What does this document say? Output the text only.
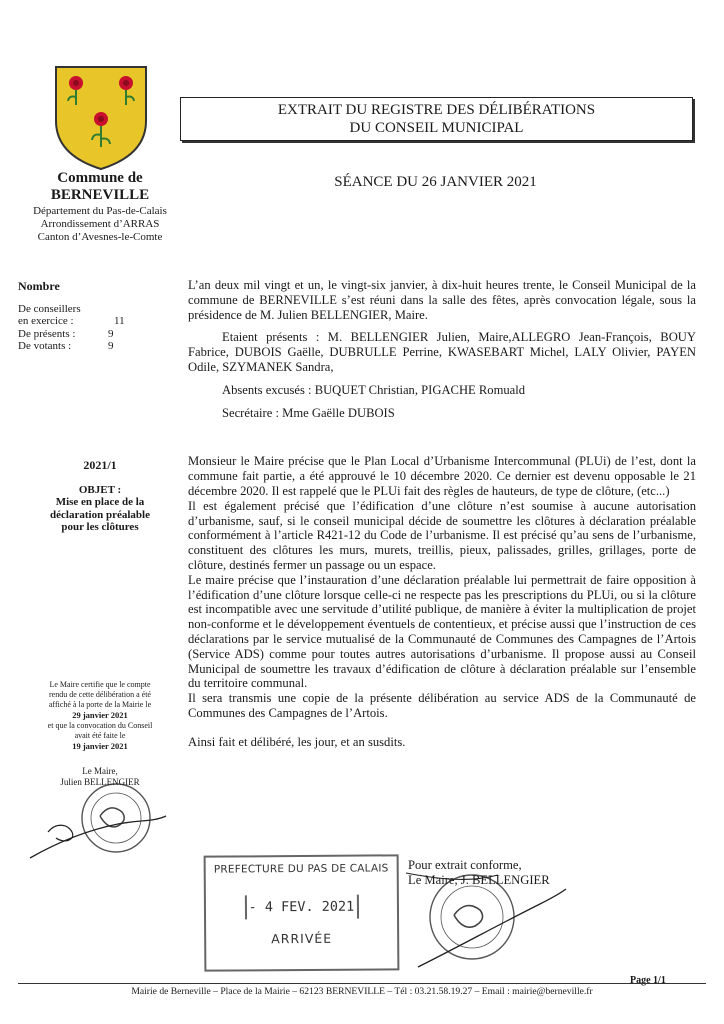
Commune de
BERNEVILLE
Département du Pas-de-Calais
Arrondissement d’ARRAS
Canton d’Avesnes-le-Comte
Nombre
De conseillers
en exercice :	11
De présents :	9
De votants :	9
2021/1
OBJET :
Mise en place de la
déclaration préalable
pour les clôtures
Le Maire certifie que le compte
rendu de cette délibération a été
affiché à la porte de la Mairie le
29 janvier 2021
et que la convocation du Conseil
avait été faite le
19 janvier 2021
Le Maire,
Julien BELLENGIER
EXTRAIT DU REGISTRE DES DÉLIBÉRATIONS
DU CONSEIL MUNICIPAL
SÉANCE DU 26 JANVIER 2021

L’an deux mil vingt et un, le vingt-six janvier, à dix-huit heures trente, le Conseil Municipal de la commune de BERNEVILLE s’est réuni dans la salle des fêtes, après convocation légale, sous la présidence de M. Julien BELLENGIER, Maire.

Etaient présents : M. BELLENGIER Julien, Maire,ALLEGRO Jean-François, BOUY Fabrice, DUBOIS Gaëlle, DUBRULLE Perrine, KWASEBART Michel, LALY Olivier, PAYEN Odile, SZYMANEK Sandra,

Absents excusés : BUQUET Christian, PIGACHE Romuald

Secrétaire : Mme Gaëlle DUBOIS

Monsieur le Maire précise que le Plan Local d’Urbanisme Intercommunal (PLUi) de l’est, dont la commune fait partie, a été approuvé le 10 décembre 2020. Ce dernier est devenu opposable le 21 décembre 2020. Il est rappelé que le PLUi fait des règles de hauteurs, de type de clôture, (etc...)

Il est également précisé que l’édification d’une clôture n’est soumise à aucune autorisation d’urbanisme, sauf, si le conseil municipal décide de soumettre les clôtures à déclaration préalable conformément à l’article R421-12 du Code de l’urbanisme. Il est précisé qu’au sens de l’urbanisme, constituent des clôtures les murs, murets, treillis, pieux, palissades, grilles, grillages, porte de clôture, destinés fermer un passage ou un espace.

Le maire précise que l’instauration d’une déclaration préalable lui permettrait de faire opposition à l’édification d’une clôture lorsque celle-ci ne respecte pas les prescriptions du PLUi, ou si la clôture est incompatible avec une servitude d’utilité publique, de manière à éviter la multiplication de projet non-conforme et le développement éventuels de contentieux, et précise aussi que l’instruction de ces déclarations par le service mutualisé de la Communauté de Communes des Campagnes de l’Artois (Service ADS) comme pour toutes autres autorisations d’urbanisme. Il propose aussi au Conseil Municipal de soumettre les travaux d’édification de clôture à déclaration préalable sur l’ensemble du territoire communal.

Il sera transmis une copie de la présente délibération au service ADS de la Communauté de Communes des Campagnes de l’Artois.

Ainsi fait et délibéré, les jour, et an susdits.

PREFECTURE DU PAS DE CALAIS
- 4 FEV. 2021
ARRIVÉE
Pour extrait conforme,
Le Maire, J. BELLENGIER
Page 1/1
Mairie de Berneville – Place de la Mairie – 62123 BERNEVILLE – Tél : 03.21.58.19.27 – Email : mairie@berneville.fr
